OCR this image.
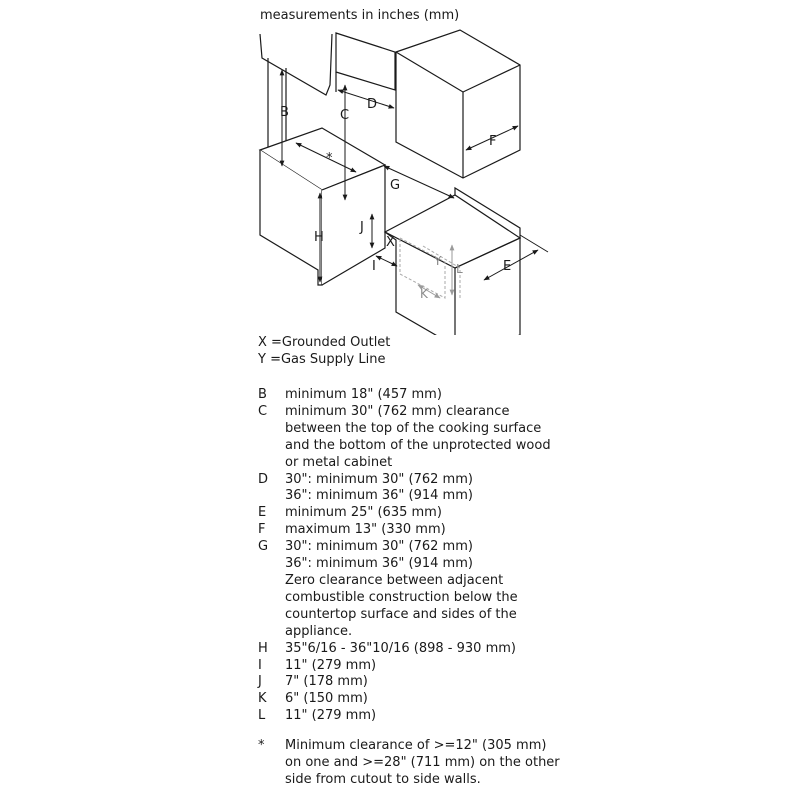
measurements in inches (mm)
B	C
D
F
*
G
H
J
X
I	E
Y
L
K
X =Grounded Outlet
Y =Gas Supply Line
B	minimum 18" (457 mm)
C	minimum 30" (762 mm) clearance
between the top of the cooking surface
and the bottom of the unprotected wood
or metal cabinet
D	30": minimum 30" (762 mm)
36": minimum 36" (914 mm)
E	minimum 25" (635 mm)
F	maximum 13" (330 mm)
G	30": minimum 30" (762 mm)
36": minimum 36" (914 mm)
Zero clearance between adjacent
combustible construction below the
countertop surface and sides of the
appliance.
H	35"6/16 - 36"10/16 (898 - 930 mm)
I	11" (279 mm)
J	7" (178 mm)
K	6" (150 mm)
L	11" (279 mm)
*	Minimum clearance of >=12" (305 mm)
on one and >=28" (711 mm) on the other
side from cutout to side walls.
